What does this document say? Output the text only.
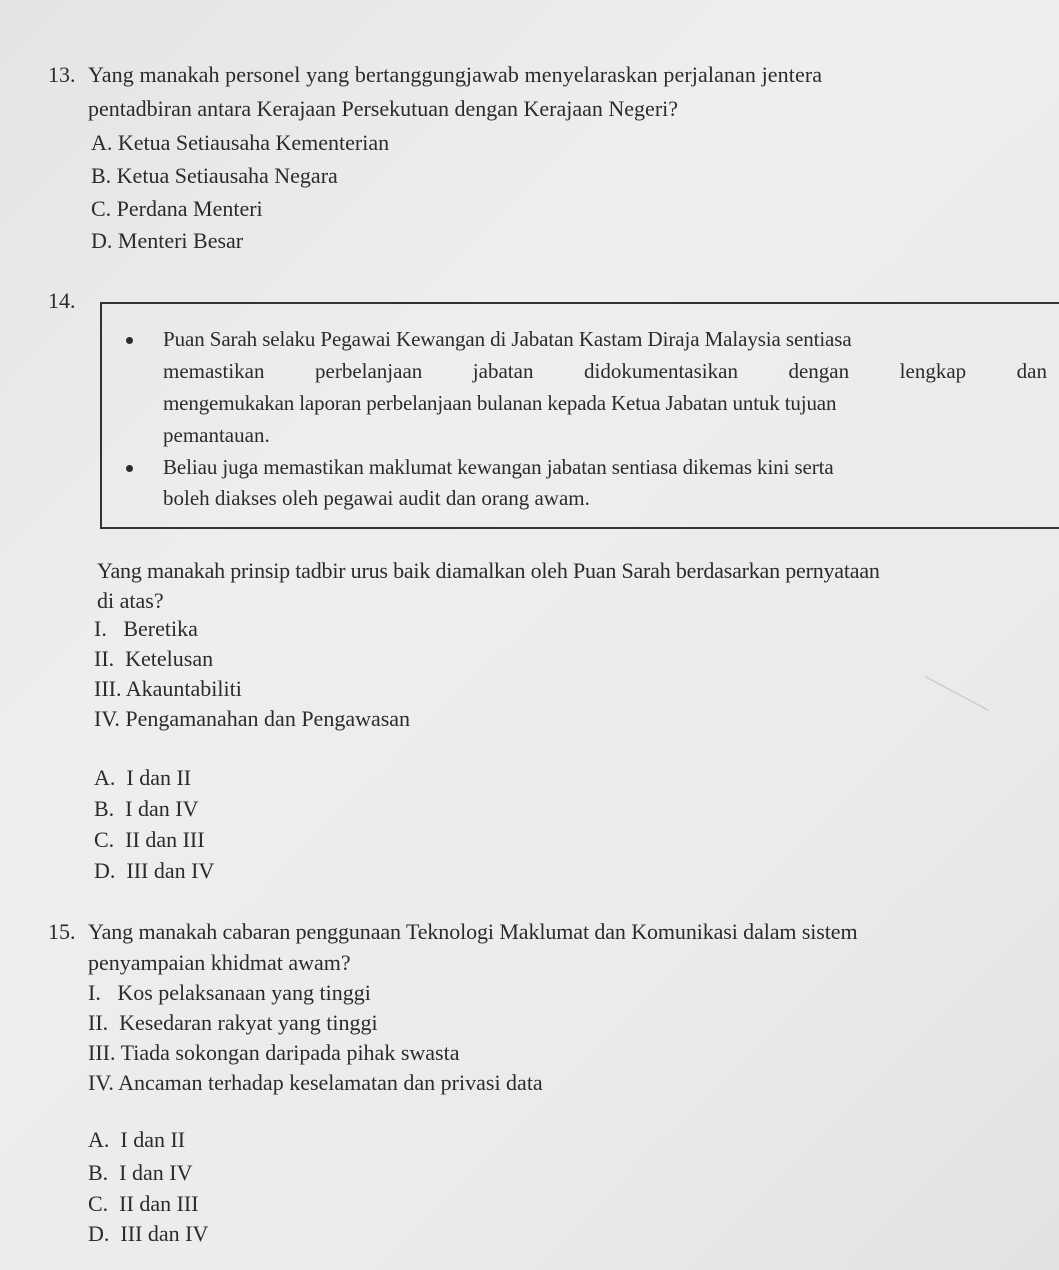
13. Yang manakah personel yang bertanggungjawab menyelaraskan perjalanan jentera
pentadbiran antara Kerajaan Persekutuan dengan Kerajaan Negeri?
A. Ketua Setiausaha Kementerian
B. Ketua Setiausaha Negara
C. Perdana Menteri
D. Menteri Besar
14.
Puan Sarah selaku Pegawai Kewangan di Jabatan Kastam Diraja Malaysia sentiasa
memastikan perbelanjaan jabatan didokumentasikan dengan lengkap dan
mengemukakan laporan perbelanjaan bulanan kepada Ketua Jabatan untuk tujuan
pemantauan.
Beliau juga memastikan maklumat kewangan jabatan sentiasa dikemas kini serta
boleh diakses oleh pegawai audit dan orang awam.
Yang manakah prinsip tadbir urus baik diamalkan oleh Puan Sarah berdasarkan pernyataan
di atas?
I.   Beretika
II.  Ketelusan
III. Akauntabiliti
IV. Pengamanahan dan Pengawasan
A.  I dan II
B.  I dan IV
C.  II dan III
D.  III dan IV
15. Yang manakah cabaran penggunaan Teknologi Maklumat dan Komunikasi dalam sistem
penyampaian khidmat awam?
I.   Kos pelaksanaan yang tinggi
II.  Kesedaran rakyat yang tinggi
III. Tiada sokongan daripada pihak swasta
IV. Ancaman terhadap keselamatan dan privasi data
A.  I dan II
B.  I dan IV
C.  II dan III
D.  III dan IV
